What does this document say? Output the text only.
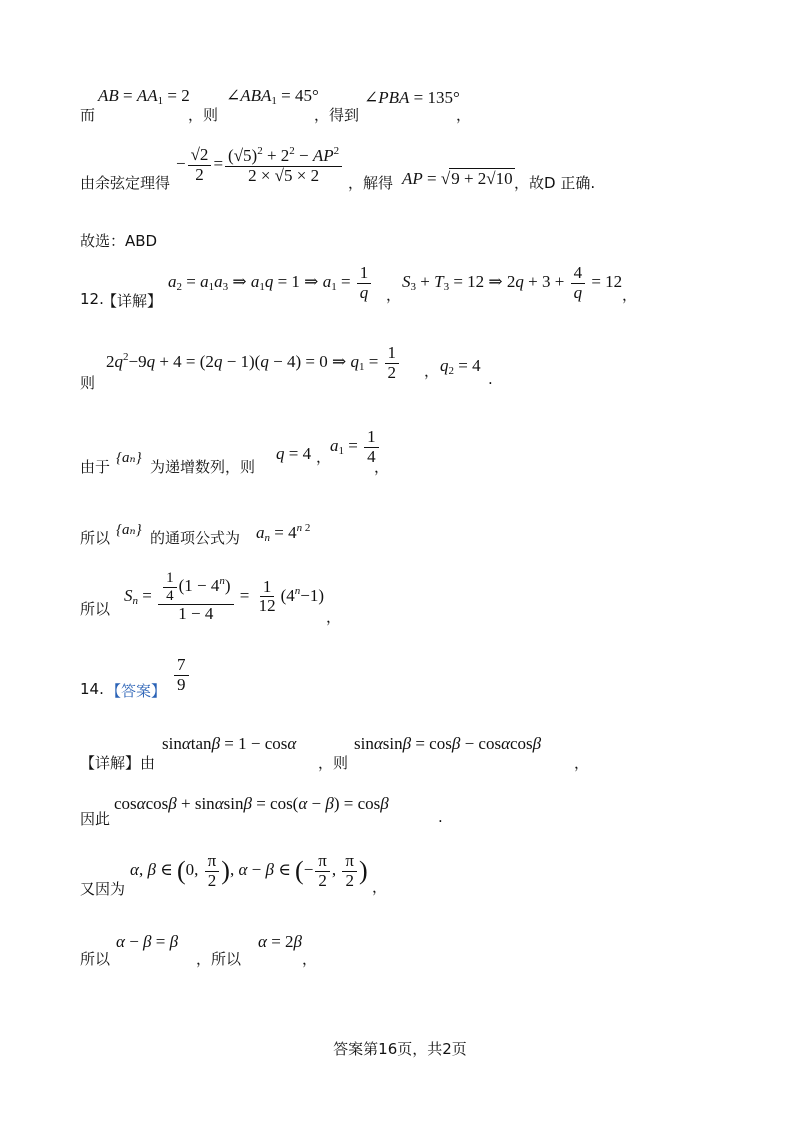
而
AB = $AA_1 = 2$
，则
$\angle ABA_1 = 45^\circ$
，得到
∠PBA = 135°
，
由余弦定理得
− $\frac{√2}{2} = \frac{(√5)^2 + 2^2 - AP^2}{2 \times √5 \times 2}$ ，解得 AP = √9 + 2√10 ，故D 正确.
故选：ABD
12.
【详解】
$a_2 = a_1a_3$ ⇒ $a_1q = 1$ ⇒ $a_1 = \frac{1}{q}$ ，
$S_3 + T_3 = 12$ ⇒ $2q + 3 + \frac{4}{q} = 12$
，
则
$2q^2-9q + 4 = (2q - 1)(q - 4) = 0$ ⇒ $q_1 = \frac{1}{2}$ ， $q_2 = 4$
.
由于 {aₙ} 为递增数列，则
q = 4 ，
$a_1 = \frac{1}{4}$
，
所以 {aₙ} 的通项公式为 $a_n = 4^{n 2}$
所以
$S_n = \frac{\frac{1}{4} (1 - 4^n)}{1 - 4} = \frac{1}{12} (4^n-1)$
，
14. 【答案】 $\frac{7}{9}$
【详解】由
sinαtanβ = 1 − cosα
，则
sinαsinβ = cosβ − cosαcosβ
，
因此
cosαcosβ + sinαsinβ = cos(α − β) = cosβ
.
又因为
α, β ∈ (0, $\frac{\pi}{2}$ ), α − β ∈ (− $\frac{\pi}{2}$ , $\frac{\pi}{2}$ )
，
所以
α − β = β
，所以
α = 2β
，
答案第16页，共2页
